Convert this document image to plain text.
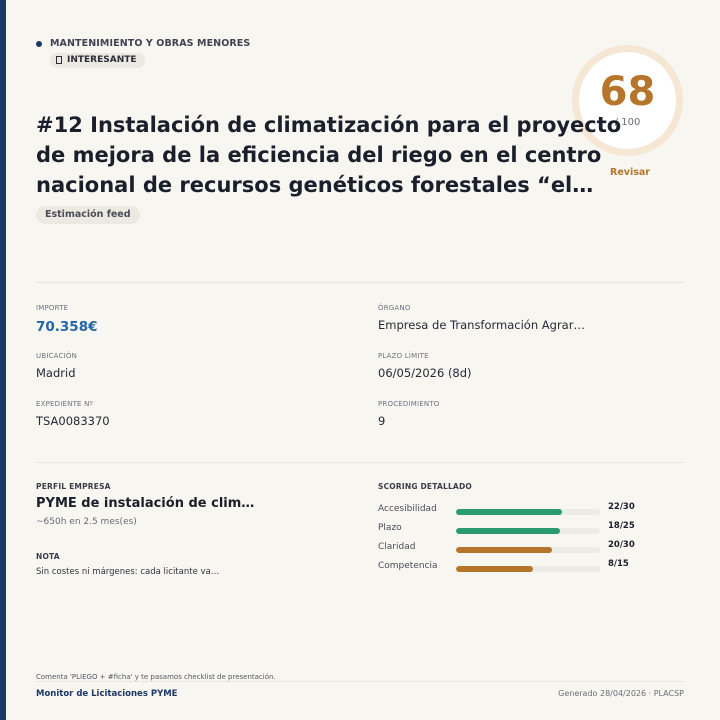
MANTENIMIENTO Y OBRAS MENORES
INTERESANTE
68
/ 100
Revisar
#12 Instalación de climatización para el proyecto de mejora de la eficiencia del riego en el centro nacional de recursos genéticos forestales “el…
Estimación feed
IMPORTE
70.358€
ÓRGANO
Empresa de Transformación Agrar…
UBICACIÓN
Madrid
PLAZO LÍMITE
06/05/2026 (8d)
EXPEDIENTE Nº
TSA0083370
PROCEDIMIENTO
9
PERFIL EMPRESA
PYME de instalación de clim…
~650h en 2.5 mes(es)
NOTA
Sin costes ni márgenes: cada licitante va…
SCORING DETALLADO
Accesibilidad	22/30
Plazo	18/25
Claridad	20/30
Competencia	8/15
Comenta 'PLIEGO + #ficha' y te pasamos checklist de presentación.
Monitor de Licitaciones PYME	Generado 28/04/2026 · PLACSP
